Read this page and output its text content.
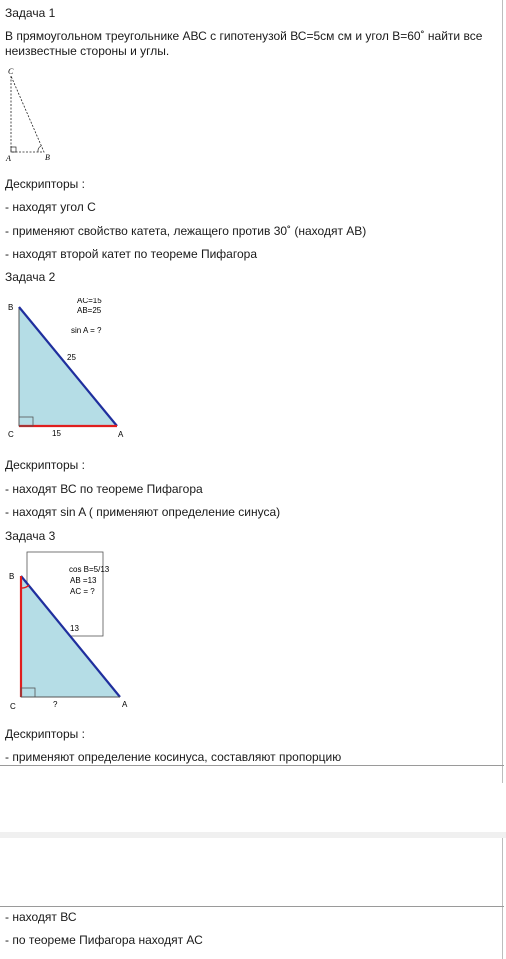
Задача 1
В прямоугольном треугольнике АВС с гипотенузой ВС=5см см и угол В=60˚ найти все неизвестные стороны и углы.
C
A	B
Дескрипторы :
- находят угол С
- применяют свойство катета, лежащего против 30˚ (находят АВ)
- находят второй катет по теореме Пифагора
Задача 2
B
C	A
25
15
AC=15
AB=25
sin A = ?
Дескрипторы :
- находят ВС по теореме Пифагора
- находят sin A ( применяют определение синуса)
Задача 3
B
C	A
13
?
cos B=5/13
AB =13
AC = ?
Дескрипторы :
- применяют определение косинуса, составляют пропорцию
- находят ВС
- по теореме Пифагора находят АС
